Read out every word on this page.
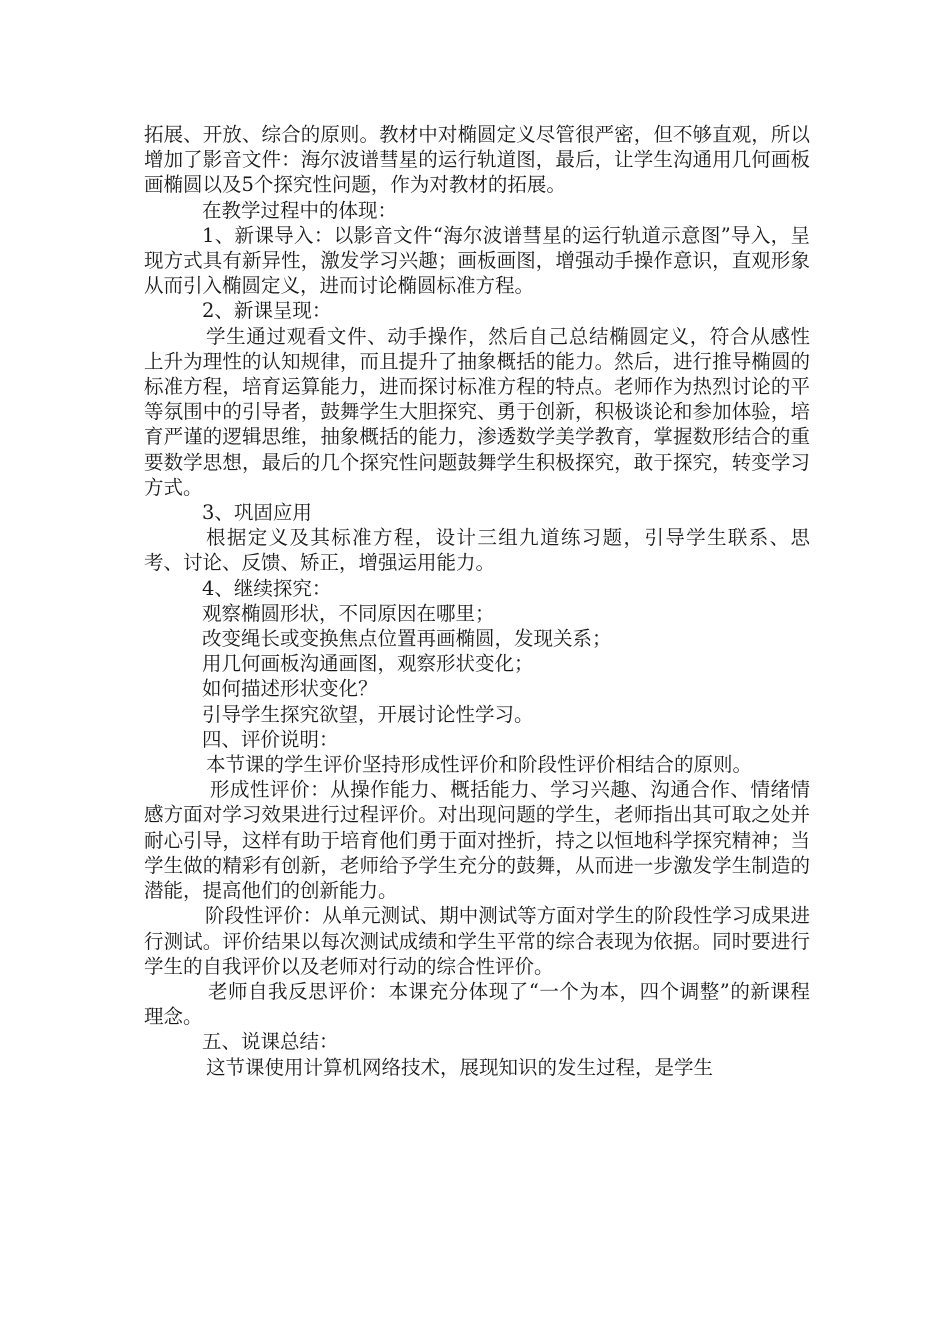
拓展、开放、综合的原则。教材中对椭圆定义尽管很严密，但不够直观，所以增加了影音文件：海尔波谱彗星的运行轨道图，最后，让学生沟通用几何画板画椭圆以及5个探究性问题，作为对教材的拓展。

在教学过程中的体现：

1、新课导入：以影音文件“海尔波谱彗星的运行轨道示意图”导入，呈现方式具有新异性，激发学习兴趣；画板画图，增强动手操作意识，直观形象从而引入椭圆定义，进而讨论椭圆标准方程。

2、新课呈现：

学生通过观看文件、动手操作，然后自己总结椭圆定义，符合从感性上升为理性的认知规律，而且提升了抽象概括的能力。然后，进行推导椭圆的标准方程，培育运算能力，进而探讨标准方程的特点。老师作为热烈讨论的平等氛围中的引导者，鼓舞学生大胆探究、勇于创新，积极谈论和参加体验，培育严谨的逻辑思维，抽象概括的能力，渗透数学美学教育，掌握数形结合的重要数学思想，最后的几个探究性问题鼓舞学生积极探究，敢于探究，转变学习方式。

3、巩固应用

根据定义及其标准方程，设计三组九道练习题，引导学生联系、思考、讨论、反馈、矫正，增强运用能力。

4、继续探究：

观察椭圆形状，不同原因在哪里；

改变绳长或变换焦点位置再画椭圆，发现关系；

用几何画板沟通画图，观察形状变化；

如何描述形状变化？

引导学生探究欲望，开展讨论性学习。

四、评价说明：

本节课的学生评价坚持形成性评价和阶段性评价相结合的原则。

形成性评价：从操作能力、概括能力、学习兴趣、沟通合作、情绪情感方面对学习效果进行过程评价。对出现问题的学生，老师指出其可取之处并耐心引导，这样有助于培育他们勇于面对挫折，持之以恒地科学探究精神；当学生做的精彩有创新，老师给予学生充分的鼓舞，从而进一步激发学生制造的潜能，提高他们的创新能力。

阶段性评价：从单元测试、期中测试等方面对学生的阶段性学习成果进行测试。评价结果以每次测试成绩和学生平常的综合表现为依据。同时要进行学生的自我评价以及老师对行动的综合性评价。

老师自我反思评价：本课充分体现了“一个为本，四个调整”的新课程理念。

五、说课总结：

这节课使用计算机网络技术，展现知识的发生过程，是学生
